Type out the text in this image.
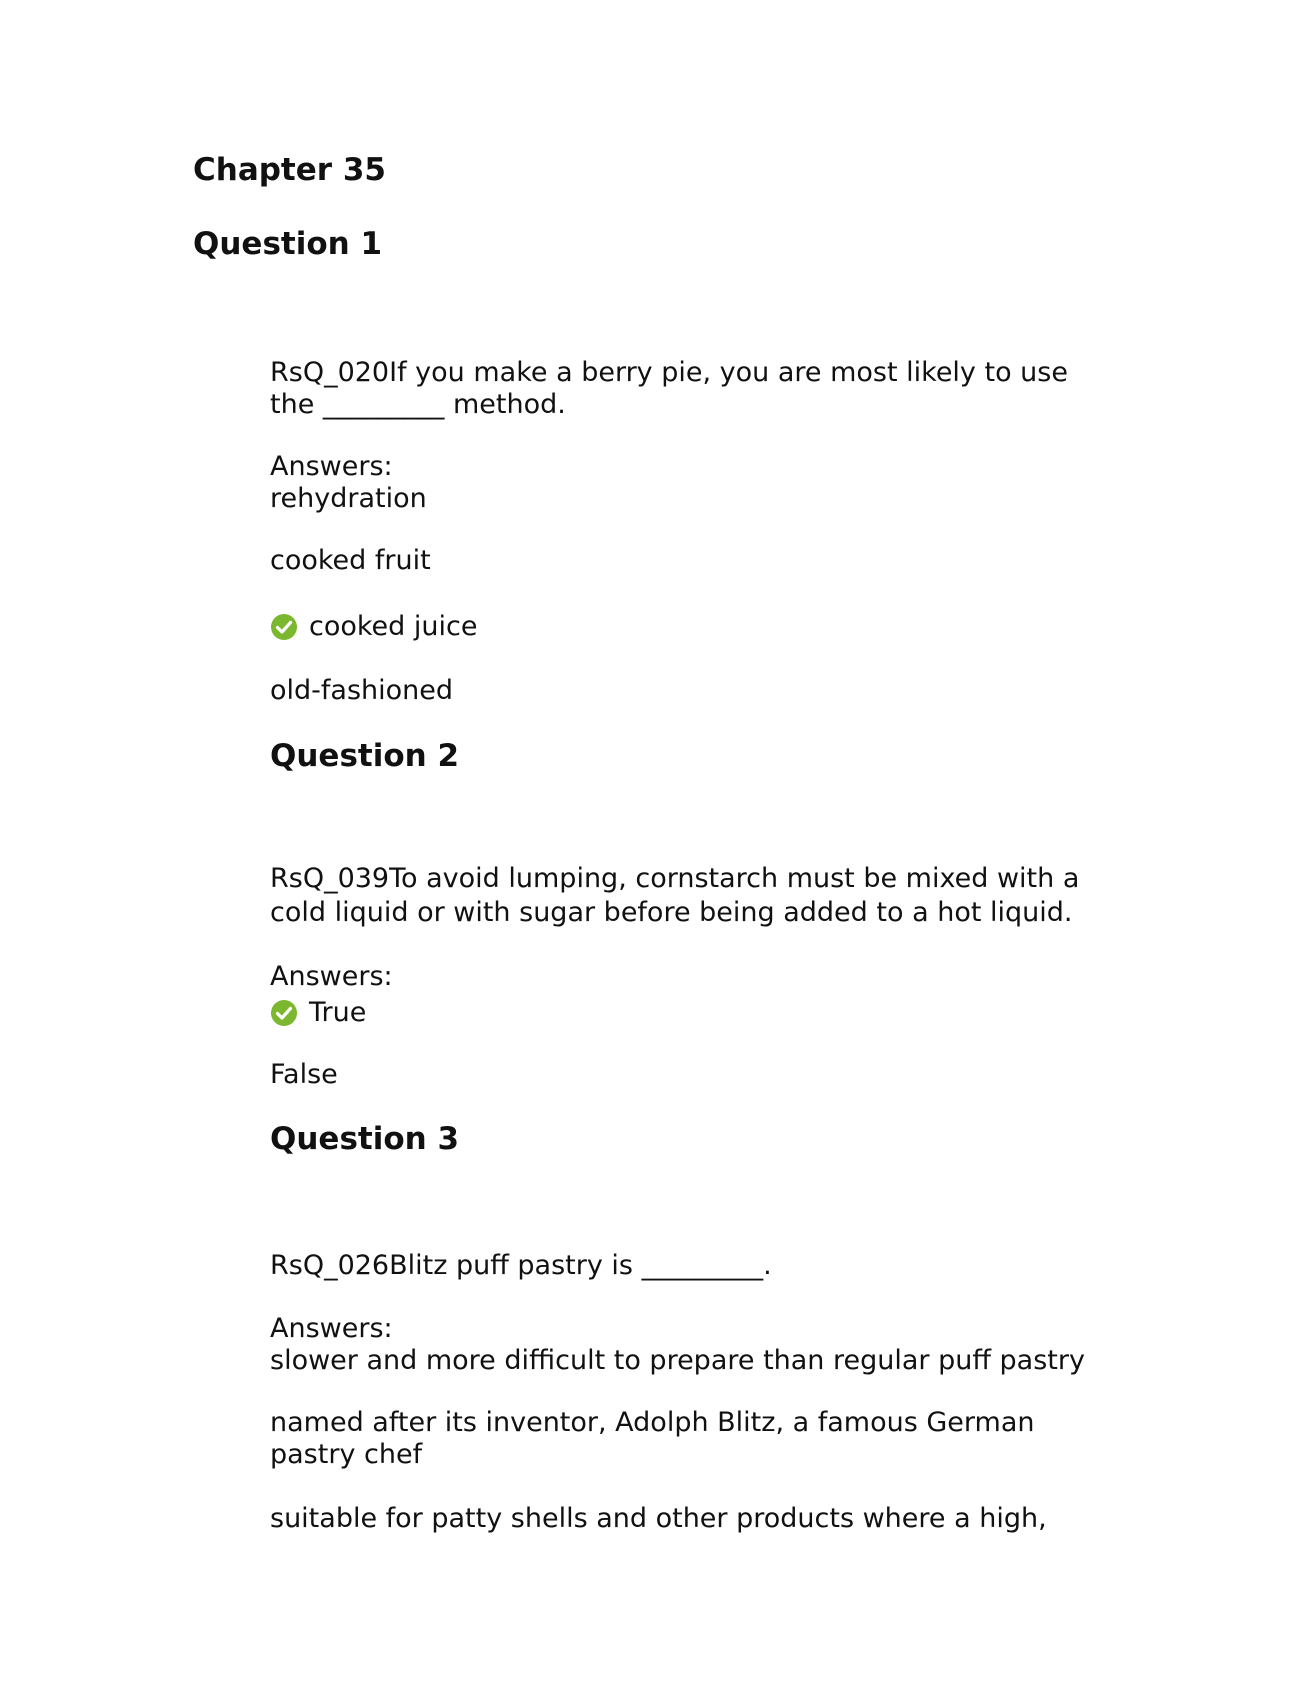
Chapter 35
Question 1
RsQ_020If you make a berry pie, you are most likely to use
the _________ method.
Answers:
rehydration
cooked fruit
cooked juice
old-fashioned
Question 2
RsQ_039To avoid lumping, cornstarch must be mixed with a
cold liquid or with sugar before being added to a hot liquid.
Answers:
True
False
Question 3
RsQ_026Blitz puff pastry is _________.
Answers:
slower and more difficult to prepare than regular puff pastry
named after its inventor, Adolph Blitz, a famous German
pastry chef
suitable for patty shells and other products where a high,
